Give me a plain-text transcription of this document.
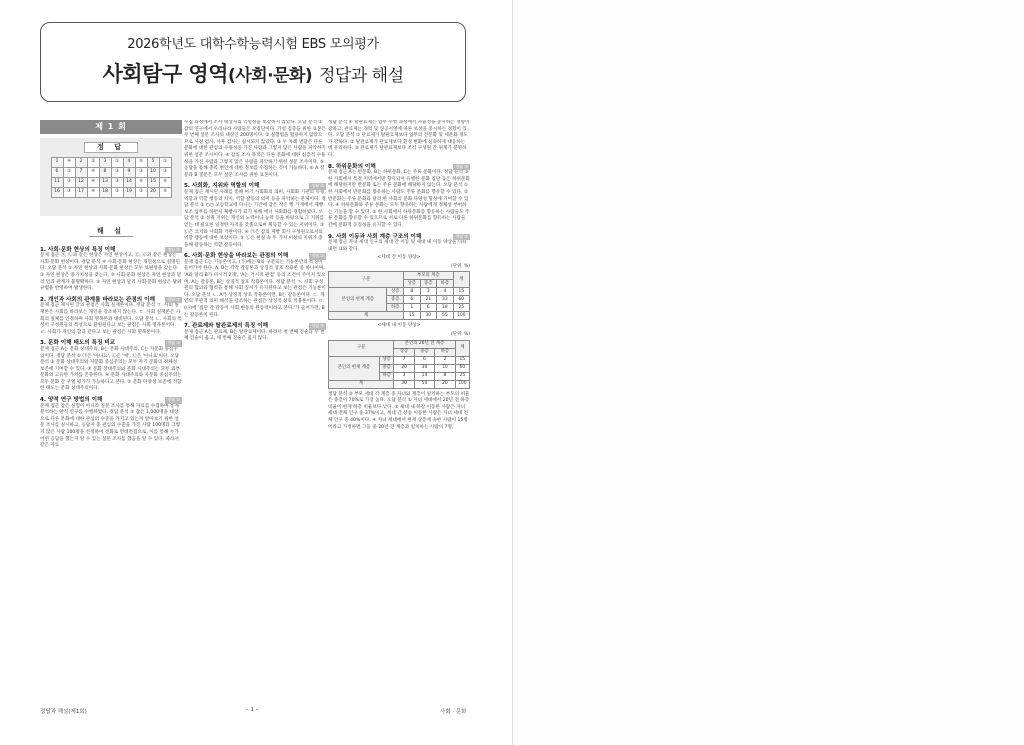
2026학년도 대학수학능력시험 EBS 모의평가
사회탐구 영역(사회·문화) 정답과 해설
제 1 회
정 답
1	④	2	②	3	①	4	⑤	5	①
6	①	7	④	8	③	9	③	10	③
11	②	12	④	13	③	14	⑤	15	⑤
16	③	17	④	18	②	19	②	20	⑤
해 설
1. 사회·문화 현상의 특징 이해	정답 ④

문제 접근 ㉠, ㉡과 같은 현상은 자연 현상이고, ㉢, ㉣과 같은 현상은 사회·문화 현상이다. 정답 분석 ④ 사회·문화 현상은 개연성으로 설명된다. 오답 분석 ① 자연 현상과 사회·문화 현상은 모두 보편성을 갖는다. ② 자연 현상은 몰가치성을 갖는다. ③ 사회·문화 현상은 자연 현상과 달리 인과 관계가 불명확하다. ⑤ 자연 현상과 달리 사회·문화 현상은 당위 규범을 반영하여 발생한다.

2. 개인과 사회의 관계를 바라보는 관점의 이해	정답 ②

문제 접근 제시된 글의 관점은 사회 실재론이다. 정답 분석 ㄱ. 사회 실재론은 사회를 바라보는 개인을 강조하지 않는다. ㄷ. 사회 실재론은 사회의 실체를 인정하며 사회 명목론과 대비된다. 오답 분석 ㄴ. 사회의 특성이 구성원들의 특성으로 환원된다고 보는 관점은 사회 명목론이다. ㄹ. 사회가 개인의 합과 같다고 보는 관점은 사회 명목론이다.

3. 문화 이해 태도의 특징 비교	정답 ①

문제 접근 A는 문화 상대주의, B는 문화 사대주의, C는 자문화 중심주의이다. 정답 분석 ① ㉠은 '아니요', ㉡은 '예', ㉢은 '아니요'이다. 오답 분석 ② 문화 상대주의와 자문화 중심주의는 모두 자기 문화의 정체성 보존에 기여할 수 있다. ③ 문화 상대주의와 문화 사대주의는 모두 외부 문화의 고유한 가치를 존중한다. ④ 문화 사대주의와 자문화 중심주의는 모두 문화 간 우열 평가가 가능하다고 본다. ⑤ 문화 다양성 보존에 적합한 태도는 문화 상대주의이다.

4. 양적 연구 방법의 이해	정답 ⑤

문제 접근 갑은 실험이 아니라 질문 조사를 통해 자료를 수집하여 통계 분석하는 양적 연구를 수행하였다. 정답 분석 ⑤ 갑은 1,000명을 대상으로 다른 문화에 대한 관심의 수준을 가지고 있는지 알아보기 위한 설문 조사를 실시하고, 응답자 중 관심의 수준을 가진 사람 100명과 그렇지 않은 사람 100명을 선정하여 전화로 면대면접으로, 이를 통해 누가 어떤 응답을 했는지 알 수 있는 설문 조사를 했음을 알 수 있다. 따라서 같은 자료

수집 과정에서 조사 대상자의 익명성을 보장하지 않았다. 오답 분석 ① 갑의 연구에서 우리나라 사람들은 모집단이다. 가설 검증을 위한 표본은 두 번째 설문 조사의 대상인 200명이다. ② 실험법을 활용하지 않았으므로 사전 검사, 사후 검사는 실시되지 않았다. ③ 두 차례 면담은 다른 문화에 대한 관심의 수용성을 가진 사람과 그렇지 않은 사람을 파악하기 위한 설문 조사이다. ④ 갑의 조사 목적은 다른 문화에 대한 심층적 수용성을 가진 사람과 그렇지 않은 사람을 파악하기 위한 설문 조사이다. ⑤ 응답을 통해 충족 변인에 대한 정보를 수집하는 것이 가능하다. ⑥ A 질문과 B 질문은 모두 설문 조사를 위한 표본이다.

5. 사회화, 지위와 역할의 이해	정답 ①

문제 접근 제시된 사례를 통해 여기 사회화의 의미, 사회화 기관의 유형, 역할과 역할 행동의 차이, 역할 갈등의 의미 등을 파악하는 문제이다. 정답 분석 ① ○○ 고등학교에 다니는 기간에 갑은 작은 빵 가게에서 제빵 보조 업무를 하면서 제빵사가 되기 위해 에너 사회화를 경험하였다. 오답 분석 ② 성취 지위는 개인의 노력이나 능력 등을 바탕으로 그 지위를 얻는 데 필요한 일정한 자격을 갖춤으로써 획득할 수 있는 지위이다. ③ ㉢은 코치와 사회화 기관이다. ④ ㉠은 갑의 제빵 회사 구성원으로서의 역할 행동에 대한 보상이다. ⑤ ㉡은 현실 속 두 가지 이상의 지위가 충돌해 갈등하는 역할 갈등이다.

6. 사회·문화 현상을 바라보는 관점의 이해	정답 ①

문제 접근 C는 기능론이고, (가)에는 B와 구분되는 기능론만의 특징이 들어가야 한다. A, B는 각각 갈등론과 상징적 상호 작용론 중 하나이며, 'A와 달리 B가 미시적 2개', 'A는 거시적 관점' 등의 조건이 주어져 있으며, A는 갈등론, B는 상징적 상호 작용론이다. 정답 분석 ㄱ. 사회 구성원의 합의와 협력을 통해 사회 질서가 유지된다고 보는 관점은 기능론이다. 오답 분석 ㄴ. A가 상징적 상호 작용론이면, B는 갈등론이다. ㄷ. 개인의 주관적 의미 해석을 강조하는 관점은 상징적 상호 작용론이다. ㄹ. (나)에 '집단 간 갈등이 사회 변동의 원동력이라고 본다.'가 들어가면, B는 갈등론이 된다.

7. 관료제와 탈관료제의 특징 이해	정답 ④

문제 접근 A는 관료제, B는 탈관료제이다. 따라서 첫 번째 진술과 두 번째 진술이 옳고, 세 번째 진술은 옳지 않다.

정답 분석 ④ 탈관료제는 업무 수행 과정에서 자율성을 중시하는 경향이 강하고, 관료제는 경력 및 연공서열에 따른 보상을 중시하는 경향이 있다. 오답 분석 ① 관료제가 탈관료제보다 업무의 전문화 및 세분화 정도가 강하다. ② 탈관료제가 관료제보다 환경 변화에 신속하게 대응하는 데 유리하다. ③ 관료제가 탈관료제보다 조직 구성원 간 위계가 분명하다.

8. 하위문화의 이해	정답 ③

문제 접근 A는 반문화, B는 하위문화, C는 주류 문화이다. 정답 분석 ③ 한 사회에서 특정 지역에서만 향유되어 유행한 문화 집단 등은 하위문화에 해당하지만 반문화 또는 주류 문화에 해당하지 않는다. 오답 분석 ① 한 사회에서 반문화를 향유하는 사람도 주류 문화를 향유할 수 있다. ② 반문화는 주류 문화와 달리 한 사회의 문화 다양성 형성에 기여할 수 있다. ④ 하위문화와 주류 문화는 모두 향유하는 사람에게 정체성 부여하는 기능을 할 수 있다. ⑤ 한 사회에서 하위문화를 향유하는 사람들도 주류 문화를 향유할 수 있으므로 서로 다른 하위문화를 향유하는 사람들 간에 문화적 동질성을 유지할 수 있다.

9. 사회 이동과 사회 계층 구조의 이해	정답 ③

문제 접근 자녀 세대 인구의 세대 간 이동 및 세대 내 이동 양상을 나타내면 표와 같다.

<세대 간 이동 양상>
(단위: %)
구분		부모의 계층			계
		상층	중층	하층	
본인의 현재 계층	상층	8	3	4	15
	중층	6	21	33	60
	하층	1	6	18	25
계		15	30	55	100
<세대 내 이동 양상>
(단위: %)
구분		본인의 20년 전 계층			계
		상층	중층	하층	
본인의 현재 계층	상층	7	6	2	15
	중층	20	30	10	60
	하층	3	14	8	25
계		30	50	20	100

정답 분석 ③ 부모 세대 각 계층 중 자녀와 계층이 일치하는 부모의 비율은 중층이 70%로 가장 높다. 오답 분석 ① 자녀 세대에서 20년 전 하층 비율이 현재 하층 비율보다 낮다. ② 세대 내 하강 이동한 사람은 자녀 세대 전체 인구 중 37%이고, 세대 간 상승 이동한 사람은 자녀 세대 전체 인구 중 40%이다. ④ 자녀 세대에서 현재 상층에 속한 사람이 15명이라고 가정하면 그들 중 20년 전 계층과 일치하는 사람이 7명,

정답과 해설(제1회)	– 1 –	사회 · 문화
